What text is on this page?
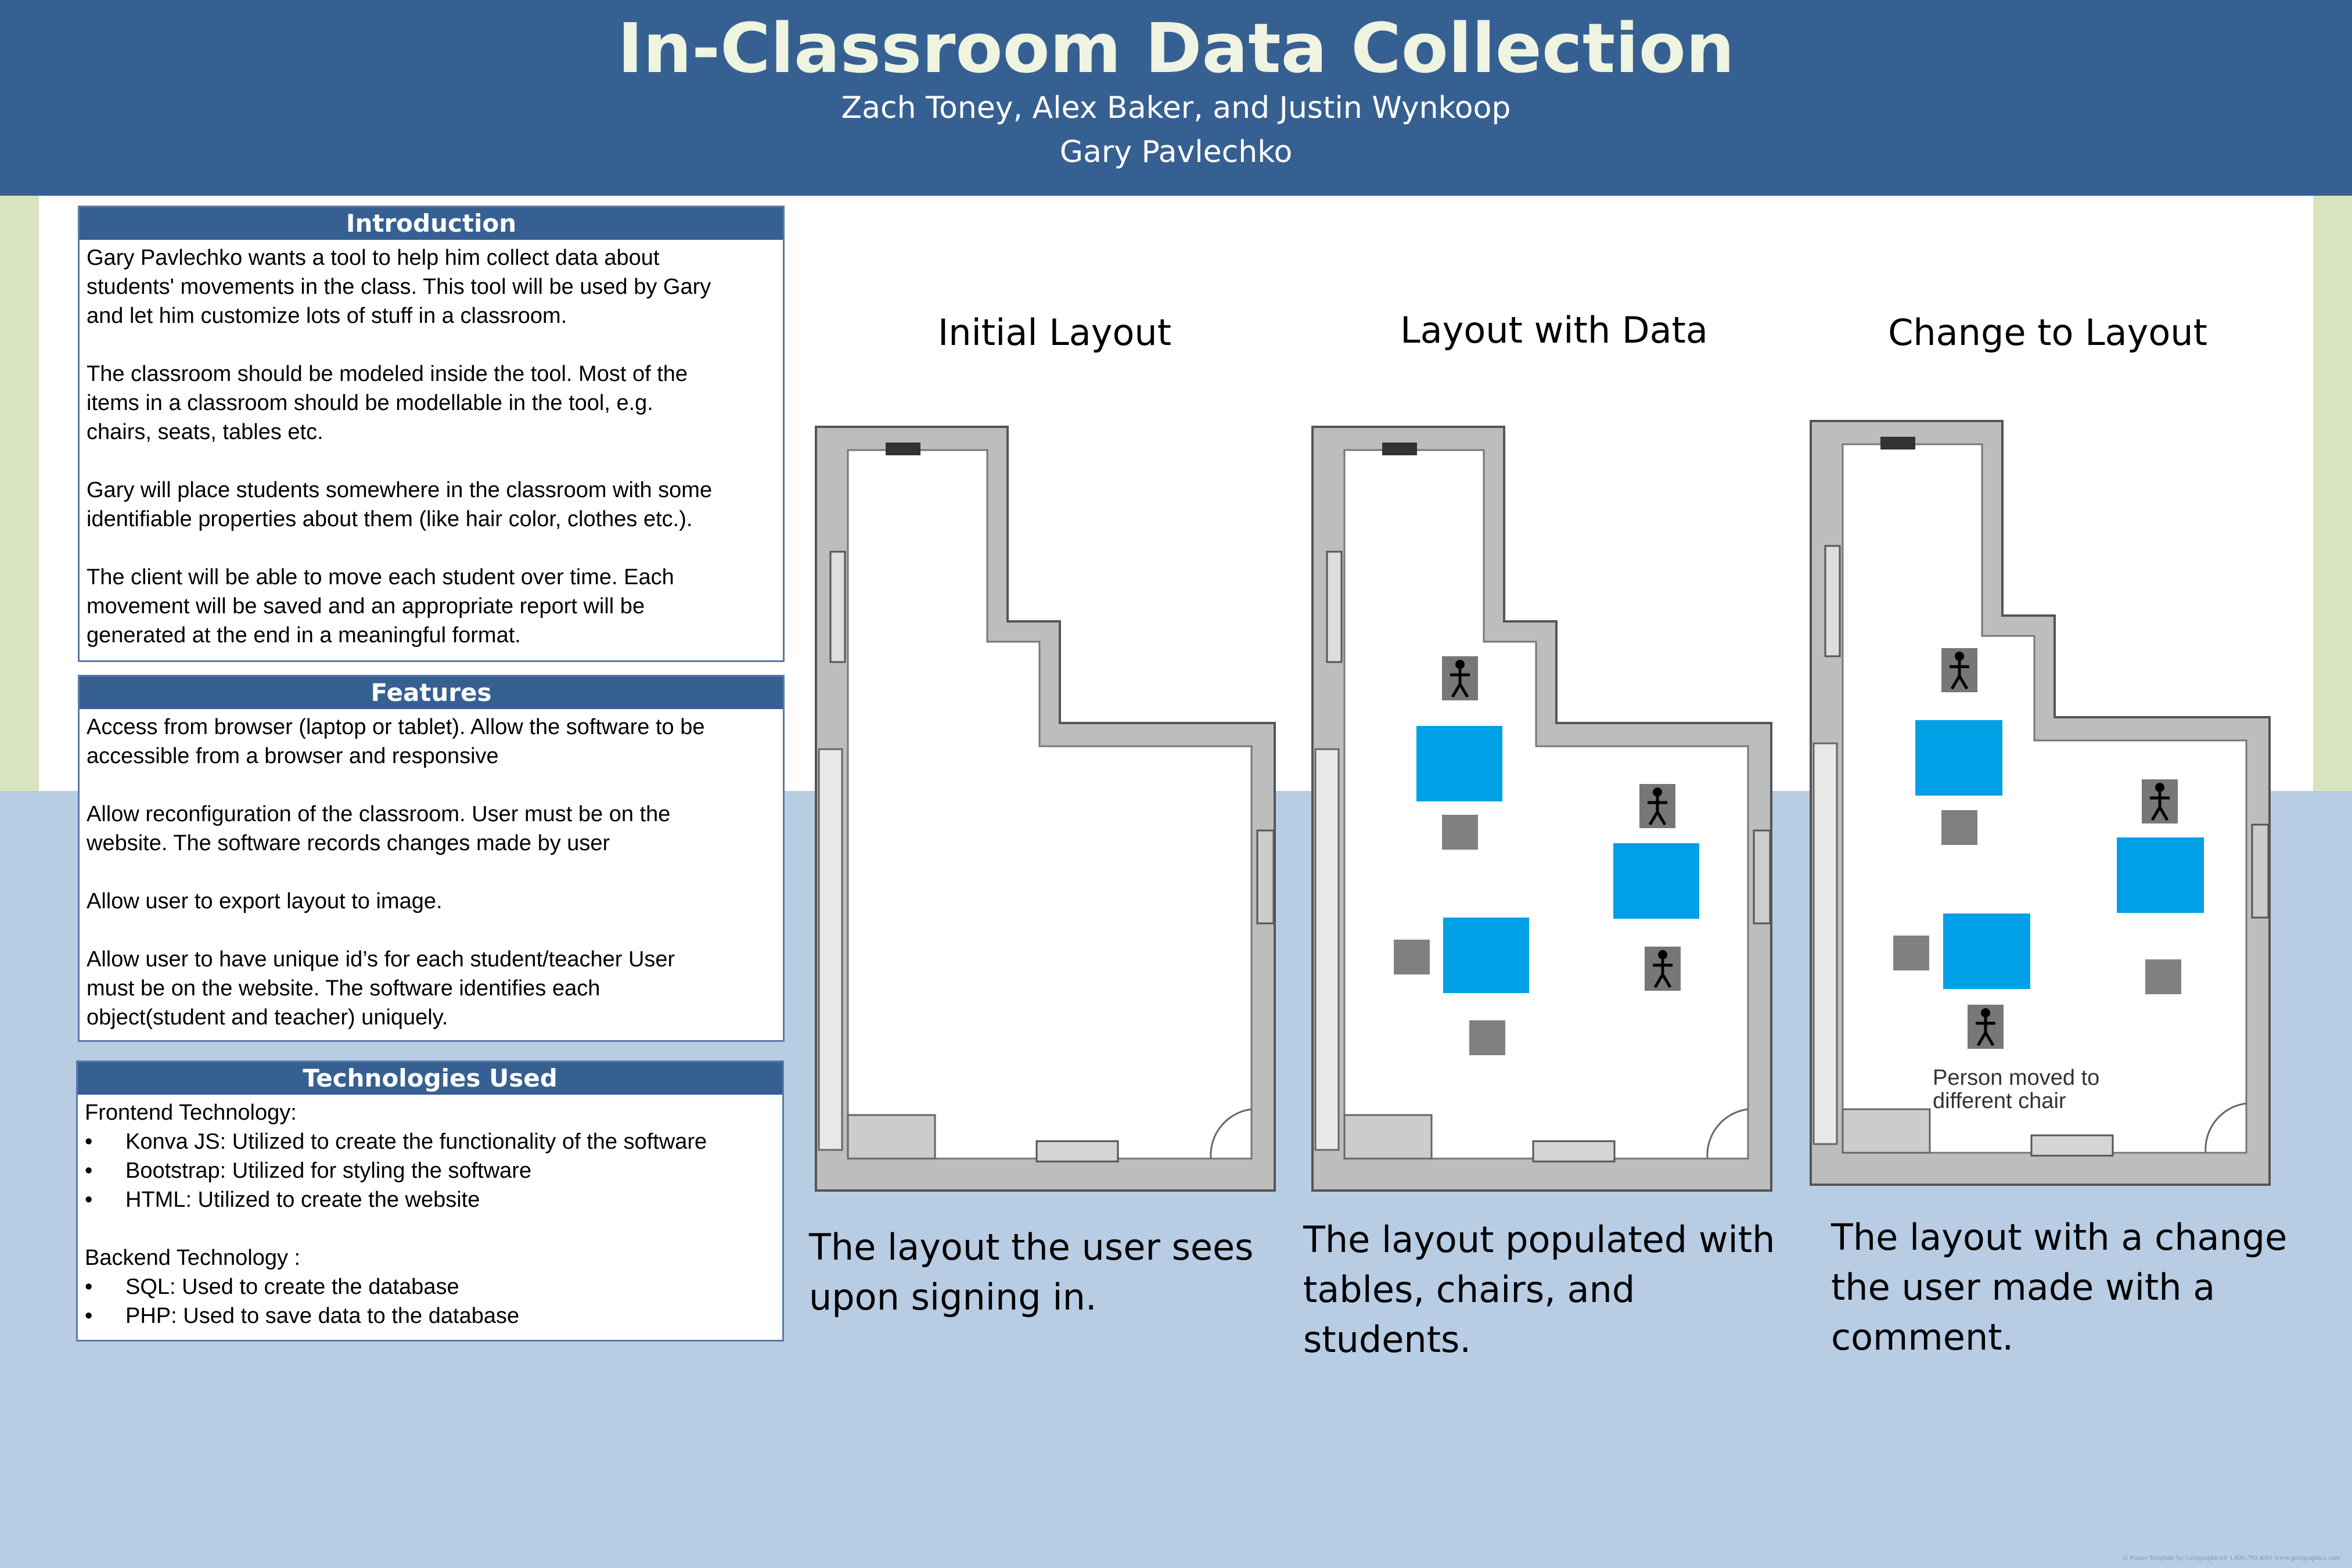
In-Classroom Data Collection
Zach Toney, Alex Baker, and Justin Wynkoop
Gary Pavlechko
Introduction

Gary Pavlechko wants a tool to help him collect data about
students' movements in the class. This tool will be used by Gary
and let him customize lots of stuff in a classroom.

The classroom should be modeled inside the tool. Most of the
items in a classroom should be modellable in the tool, e.g.
chairs, seats, tables etc.

Gary will place students somewhere in the classroom with some
identifiable properties about them (like hair color, clothes etc.).

The client will be able to move each student over time. Each
movement will be saved and an appropriate report will be
generated at the end in a meaningful format.

Features

Access from browser (laptop or tablet). Allow the software to be
accessible from a browser and responsive

Allow reconfiguration of the classroom. User must be on the
website. The software records changes made by user

Allow user to export layout to image.

Allow user to have unique id’s for each student/teacher User
must be on the website. The software identifies each
object(student and teacher) uniquely.

Technologies Used
Frontend Technology:
• Konva JS: Utilized to create the functionality of the software
• Bootstrap: Utilized for styling the software
• HTML: Utilized to create the website
Backend Technology :
• SQL: Used to create the database
• PHP: Used to save data to the database
Initial Layout	Layout with Data	Change to Layout
Person moved to
different chair
The layout the user sees
upon signing in.
The layout populated with
tables, chairs, and
students.
The layout with a change
the user made with a
comment.
© Poster Template by Genigraphics® 1.800.790.4001 www.genigraphics.com
